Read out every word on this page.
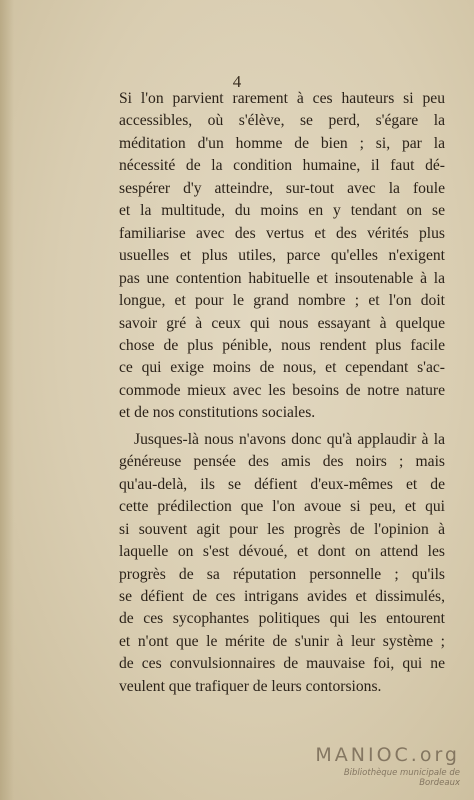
4
Si l'on parvient rarement à ces hauteurs si peu
accessibles, où s'élève, se perd, s'égare la
méditation d'un homme de bien ; si, par la
nécessité de la condition humaine, il faut dé-
sespérer d'y atteindre, sur-tout avec la foule
et la multitude, du moins en y tendant on se
familiarise avec des vertus et des vérités plus
usuelles et plus utiles, parce qu'elles n'exigent
pas une contention habituelle et insoutenable à la
longue, et pour le grand nombre ; et l'on doit
savoir gré à ceux qui nous essayant à quelque
chose de plus pénible, nous rendent plus facile
ce qui exige moins de nous, et cependant s'ac-
commode mieux avec les besoins de notre nature
et de nos constitutions sociales.
Jusques-là nous n'avons donc qu'à applaudir à la
généreuse pensée des amis des noirs ; mais
qu'au-delà, ils se défient d'eux-mêmes et de
cette prédilection que l'on avoue si peu, et qui
si souvent agit pour les progrès de l'opinion à
laquelle on s'est dévoué, et dont on attend les
progrès de sa réputation personnelle ; qu'ils
se défient de ces intrigans avides et dissimulés,
de ces sycophantes politiques qui les entourent
et n'ont que le mérite de s'unir à leur système ;
de ces convulsionnaires de mauvaise foi, qui ne
veulent que trafiquer de leurs contorsions.
MANIOC.org
Bibliothèque municipale de Bordeaux
